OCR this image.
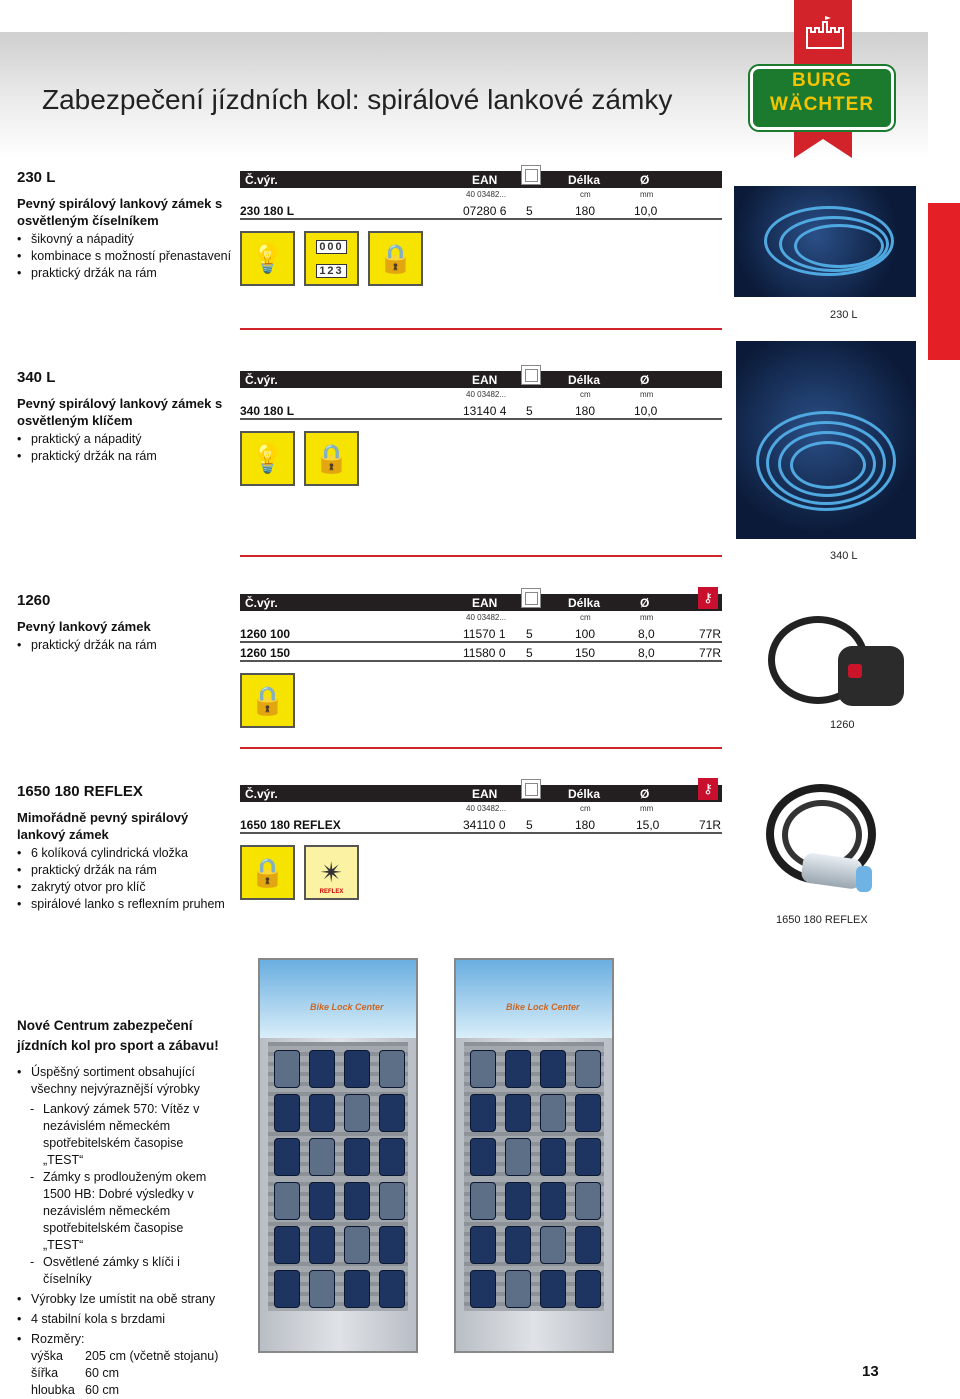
Zabezpečení jízdních kol: spirálové lankové zámky
BURG
WÄCHTER
230 L
Pevný spirálový lankový zámek s osvětleným číselníkem
• šikovný a nápaditý
• kombinace s možností přenastavení
• praktický držák na rám
Č.výr.	EAN	Délka	Ø
40 03482...	cm	mm
230 180 L	07280 6 5	180	10,0
💡	000
123	🔒
230 L
340 L
Pevný spirálový lankový zámek s osvětleným klíčem
• praktický a nápaditý
• praktický držák na rám
Č.výr.	EAN	Délka	Ø
40 03482...	cm	mm
340 180 L	13140 4 5	180	10,0
💡	🔒
340 L
1260
Pevný lankový zámek
• praktický držák na rám
Č.výr.	EAN	Délka	Ø	⚷
40 03482...	cm	mm
1260 100	11570 1 5	100	8,0	77R
1260 150	11580 0 5	150	8,0	77R
🔒
1260
1650 180 REFLEX
Mimořádně pevný spirálový lankový zámek
• 6 kolíková cylindrická vložka
• praktický držák na rám
• zakrytý otvor pro klíč
• spirálové lanko s reflexním pruhem
Č.výr.	EAN	Délka	Ø	⚷
40 03482...	cm	mm
1650 180 REFLEX	34110 0 5	180	15,0	71R
🔒	✴
REFLEX
1650 180 REFLEX
Nové Centrum zabezpečení jízdních kol pro sport a zábavu!
• Úspěšný sortiment obsahující všechny nejvýraznější výrobky
- Lankový zámek 570: Vítěz v nezávislém německém spotřebitelském časopise „TEST“
- Zámky s prodlouženým okem 1500 HB: Dobré výsledky v nezávislém německém spotřebitelském časopise „TEST“
- Osvětlené zámky s klíči i číselníky
• Výrobky lze umístit na obě strany
• 4 stabilní kola s brzdami
• Rozměry:
výška	205 cm (včetně stojanu)
šířka	60 cm
hloubka 60 cm
Bike Lock Center	Bike Lock Center
13
